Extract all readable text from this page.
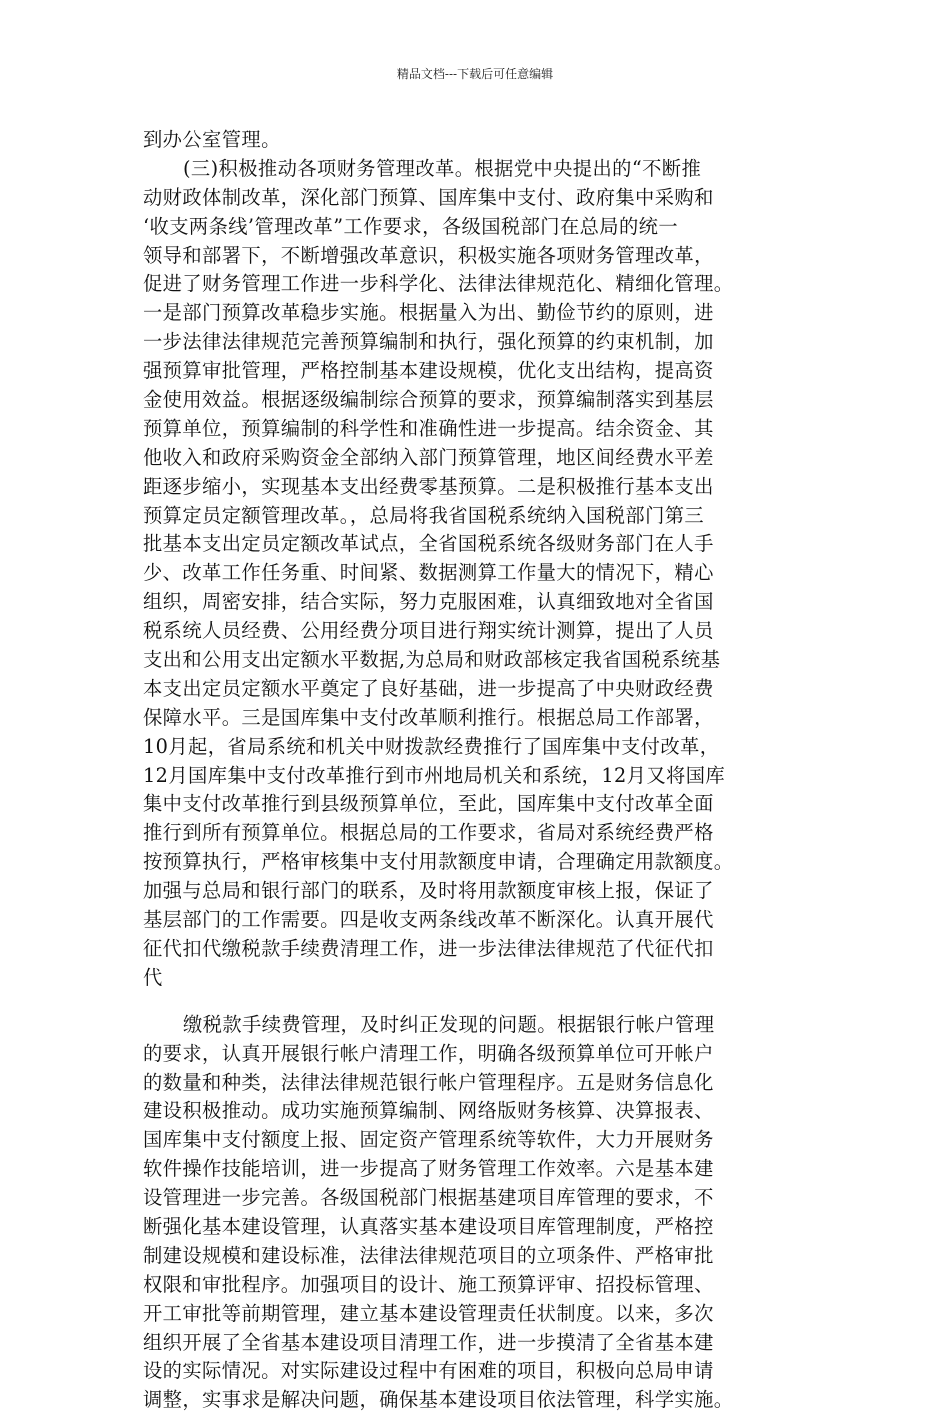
精品文档---下载后可任意编辑
到办公室管理。
(三)积极推动各项财务管理改革。根据党中央提出的“不断推
动财政体制改革，深化部门预算、国库集中支付、政府集中采购和
‘收支两条线’管理改革”工作要求，各级国税部门在总局的统一
领导和部署下，不断增强改革意识，积极实施各项财务管理改革，
促进了财务管理工作进一步科学化、法律法律规范化、精细化管理。
一是部门预算改革稳步实施。根据量入为出、勤俭节约的原则，进
一步法律法律规范完善预算编制和执行，强化预算的约束机制，加
强预算审批管理，严格控制基本建设规模，优化支出结构，提高资
金使用效益。根据逐级编制综合预算的要求，预算编制落实到基层
预算单位，预算编制的科学性和准确性进一步提高。结余资金、其
他收入和政府采购资金全部纳入部门预算管理，地区间经费水平差
距逐步缩小，实现基本支出经费零基预算。二是积极推行基本支出
预算定员定额管理改革。，总局将我省国税系统纳入国税部门第三
批基本支出定员定额改革试点，全省国税系统各级财务部门在人手
少、改革工作任务重、时间紧、数据测算工作量大的情况下，精心
组织，周密安排，结合实际，努力克服困难，认真细致地对全省国
税系统人员经费、公用经费分项目进行翔实统计测算，提出了人员
支出和公用支出定额水平数据,为总局和财政部核定我省国税系统基
本支出定员定额水平奠定了良好基础，进一步提高了中央财政经费
保障水平。三是国库集中支付改革顺利推行。根据总局工作部署，
10月起，省局系统和机关中财拨款经费推行了国库集中支付改革，
12月国库集中支付改革推行到市州地局机关和系统，12月又将国库
集中支付改革推行到县级预算单位，至此，国库集中支付改革全面
推行到所有预算单位。根据总局的工作要求，省局对系统经费严格
按预算执行，严格审核集中支付用款额度申请，合理确定用款额度。
加强与总局和银行部门的联系，及时将用款额度审核上报，保证了
基层部门的工作需要。四是收支两条线改革不断深化。认真开展代
征代扣代缴税款手续费清理工作，进一步法律法律规范了代征代扣
代
缴税款手续费管理，及时纠正发现的问题。根据银行帐户管理
的要求，认真开展银行帐户清理工作，明确各级预算单位可开帐户
的数量和种类，法律法律规范银行帐户管理程序。五是财务信息化
建设积极推动。成功实施预算编制、网络版财务核算、决算报表、
国库集中支付额度上报、固定资产管理系统等软件，大力开展财务
软件操作技能培训，进一步提高了财务管理工作效率。六是基本建
设管理进一步完善。各级国税部门根据基建项目库管理的要求，不
断强化基本建设管理，认真落实基本建设项目库管理制度，严格控
制建设规模和建设标准，法律法律规范项目的立项条件、严格审批
权限和审批程序。加强项目的设计、施工预算评审、招投标管理、
开工审批等前期管理，建立基本建设管理责任状制度。以来，多次
组织开展了全省基本建设项目清理工作，进一步摸清了全省基本建
设的实际情况。对实际建设过程中有困难的项目，积极向总局申请
调整，实事求是解决问题，确保基本建设项目依法管理，科学实施。
